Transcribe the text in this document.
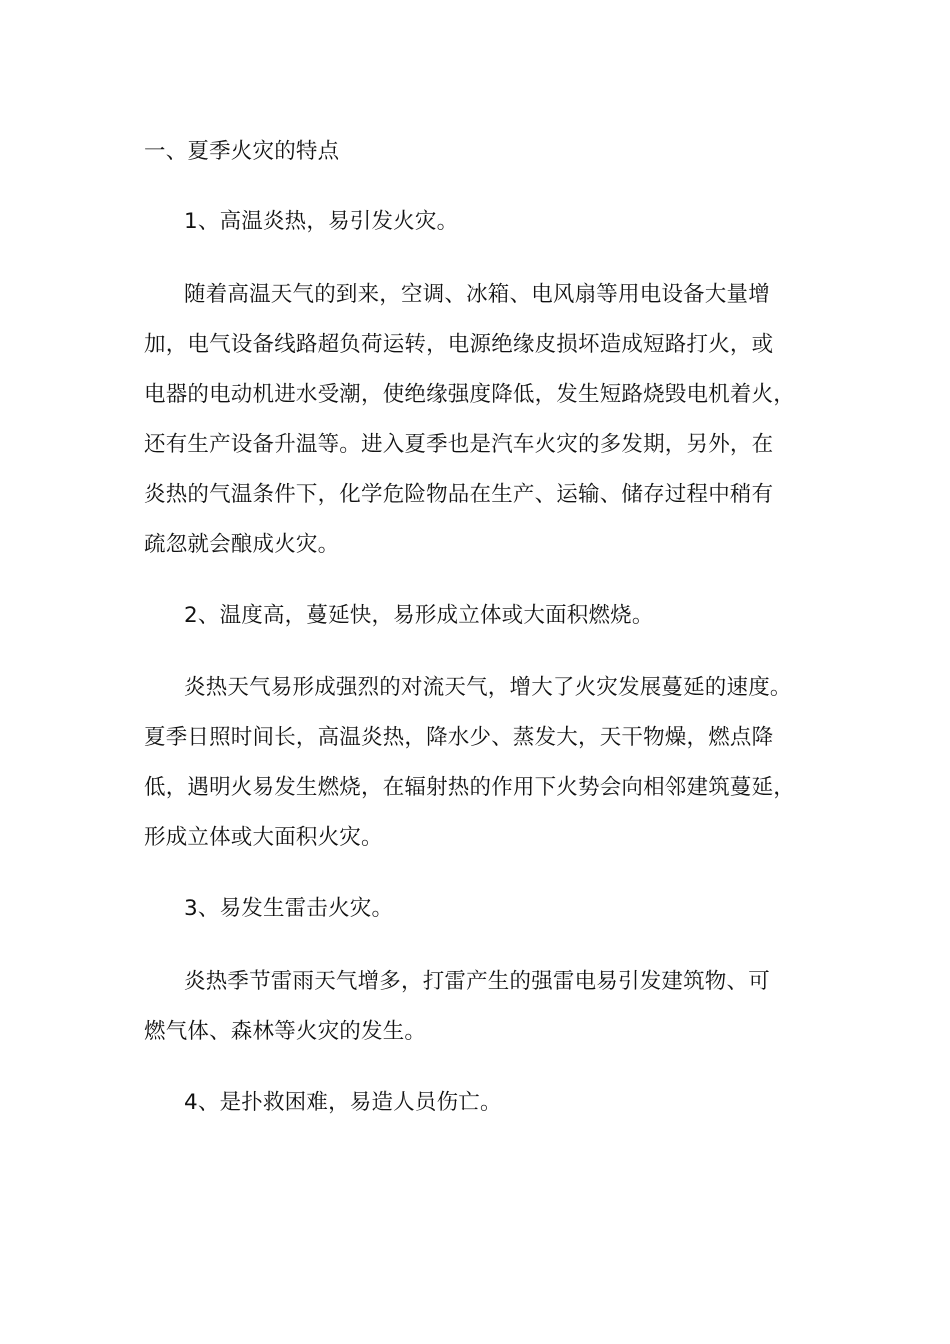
一、夏季火灾的特点
1、高温炎热，易引发火灾。
随着高温天气的到来，空调、冰箱、电风扇等用电设备大量增
加，电气设备线路超负荷运转，电源绝缘皮损坏造成短路打火，或
电器的电动机进水受潮，使绝缘强度降低，发生短路烧毁电机着火，
还有生产设备升温等。进入夏季也是汽车火灾的多发期，另外，在
炎热的气温条件下，化学危险物品在生产、运输、储存过程中稍有
疏忽就会酿成火灾。
2、温度高，蔓延快，易形成立体或大面积燃烧。
炎热天气易形成强烈的对流天气，增大了火灾发展蔓延的速度。
夏季日照时间长，高温炎热，降水少、蒸发大，天干物燥，燃点降
低，遇明火易发生燃烧，在辐射热的作用下火势会向相邻建筑蔓延，
形成立体或大面积火灾。
3、易发生雷击火灾。
炎热季节雷雨天气增多，打雷产生的强雷电易引发建筑物、可
燃气体、森林等火灾的发生。
4、是扑救困难，易造人员伤亡。
